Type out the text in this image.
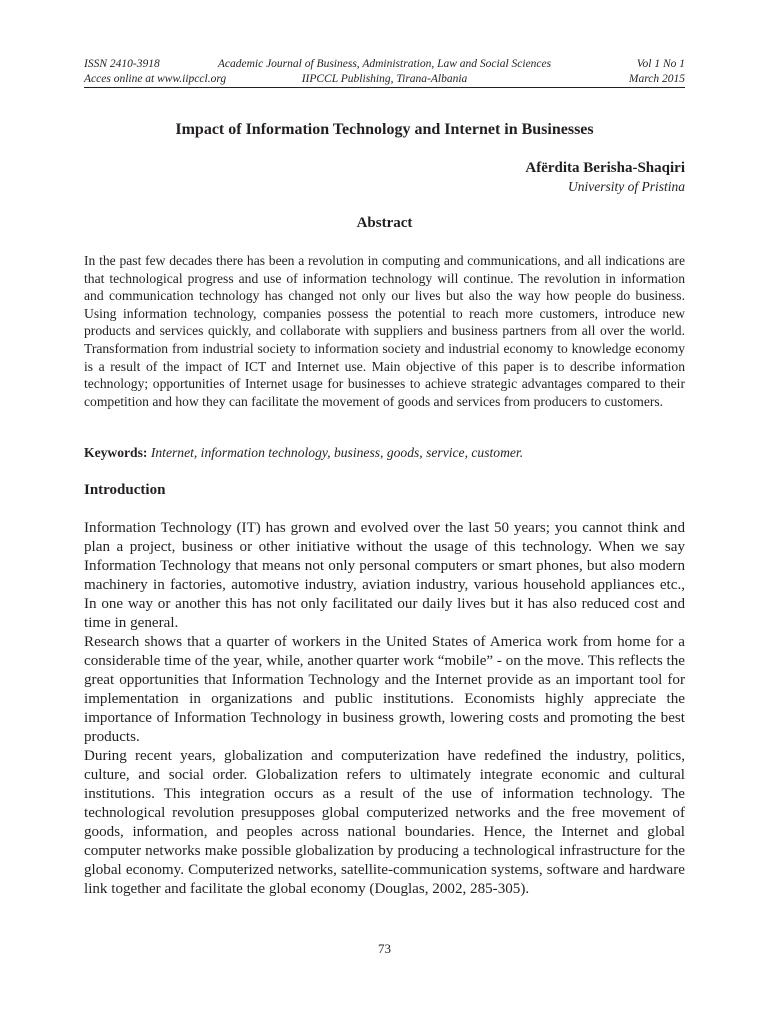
ISSN 2410-3918	Academic Journal of Business, Administration, Law and Social Sciences	Vol 1 No 1
Acces online at www.iipccl.org	IIPCCL Publishing, Tirana-Albania	March 2015
Impact of Information Technology and Internet in Businesses
Afërdita Berisha-Shaqiri
University of Pristina
Abstract

In the past few decades there has been a revolution in computing and communications, and all indications are that technological progress and use of information technology will continue. The revolution in information and communication technology has changed not only our lives but also the way how people do business. Using information technology, companies possess the potential to reach more customers, introduce new products and services quickly, and collaborate with suppliers and business partners from all over the world. Transformation from industrial society to information society and industrial economy to knowledge economy is a result of the impact of ICT and Internet use. Main objective of this paper is to describe information technology; opportunities of Internet usage for businesses to achieve strategic advantages compared to their competition and how they can facilitate the movement of goods and services from producers to customers.

Keywords: Internet, information technology, business, goods, service, customer.

Introduction

Information Technology (IT) has grown and evolved over the last 50 years; you cannot think and plan a project, business or other initiative without the usage of this technology. When we say Information Technology that means not only personal computers or smart phones, but also modern machinery in factories, automotive industry, aviation industry, various household appliances etc., In one way or another this has not only facilitated our daily lives but it has also reduced cost and time in general.

Research shows that a quarter of workers in the United States of America work from home for a considerable time of the year, while, another quarter work “mobile” - on the move. This reflects the great opportunities that Information Technology and the Internet provide as an important tool for implementation in organizations and public institutions. Economists highly appreciate the importance of Information Technology in business growth, lowering costs and promoting the best products.

During recent years, globalization and computerization have redefined the industry, politics, culture, and social order. Globalization refers to ultimately integrate economic and cultural institutions. This integration occurs as a result of the use of information technology. The technological revolution presupposes global computerized networks and the free movement of goods, information, and peoples across national boundaries. Hence, the Internet and global computer networks make possible globalization by producing a technological infrastructure for the global economy. Computerized networks, satellite-communication systems, software and hardware link together and facilitate the global economy (Douglas, 2002, 285-305).

73
